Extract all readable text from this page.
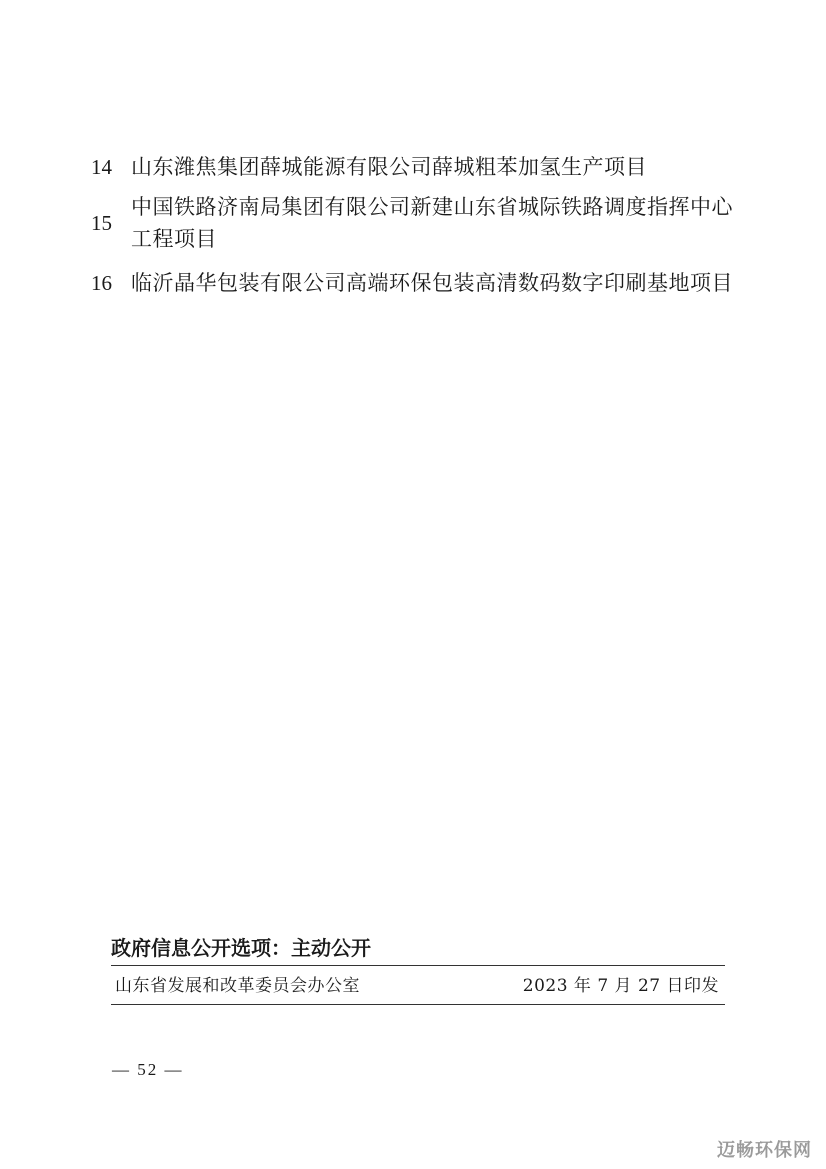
14 山东潍焦集团薛城能源有限公司薛城粗苯加氢生产项目
15
中国铁路济南局集团有限公司新建山东省城际铁路调度指挥中心
工程项目
16 临沂晶华包装有限公司高端环保包装高清数码数字印刷基地项目
政府信息公开选项：主动公开
山东省发展和改革委员会办公室	2023 年 7 月 27 日印发
— 52 —
迈畅环保网
